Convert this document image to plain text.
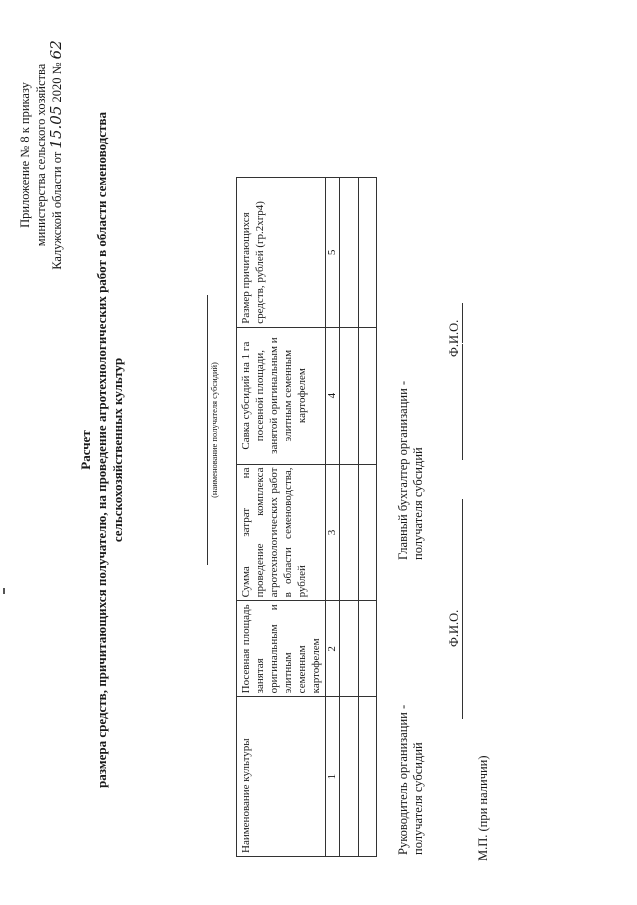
Приложение № 8 к приказу министерства сельского хозяйства Калужской области от 15.05 2020 № 62
Расчет размера средств, причитающихся получателю, на проведение агротехнологических работ в области семеноводства сельскохозяйственных культур	(наименование получателя субсидий)
Наименование культуры	Посевная площадь занятая оригинальным и элитным семенным картофелем	Сумма затрат на проведение комплекса агротехнологических работ в области семеноводства, рублей	Савка субсидий на 1 га посевной площади, занятой оригинальным и элитным семенным картофелем	Размер причитающихся средств, рублей (гр.2хгр4)
1	2	3	4	5

Руководитель организации - получателя субсидий
Ф.И.О.
Главный бухгалтер организации - получателя субсидий
Ф.И.О.
М.П. (при наличии)
